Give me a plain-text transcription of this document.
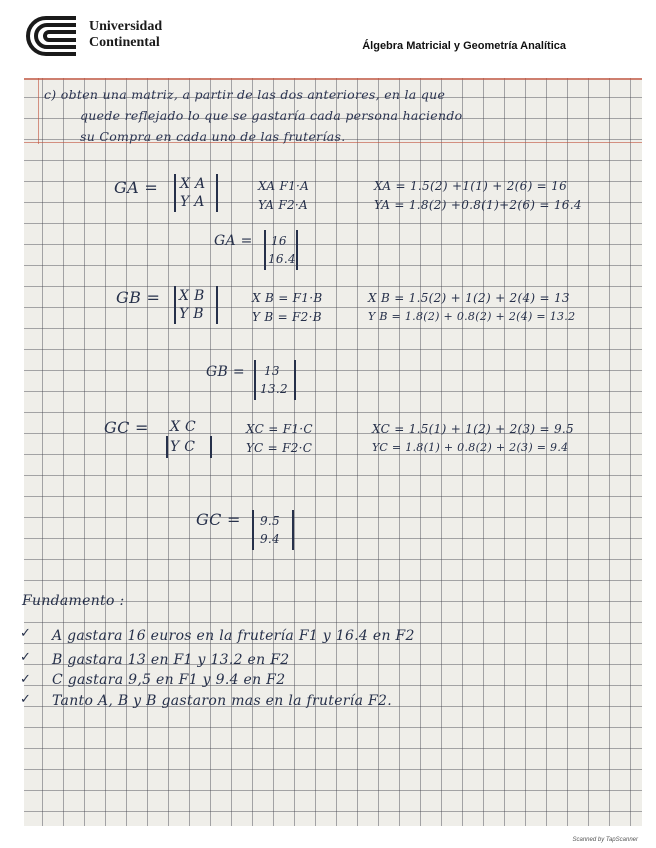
Universidad
Continental	Álgebra Matricial y Geometría Analítica
c) obten una matriz, a partir de las dos anteriores, en la que
quede reflejado lo que se gastaría cada persona haciendo
su Compra en cada uno de las fruterías.
GA = X A
Y A
XA F1·A
YA F2·A
XA = 1.5(2) +1(1) + 2(6) = 16
YA = 1.8(2) +0.8(1)+2(6) = 16.4
GA = 16
16.4
GB = X B
Y B
X B = F1·B
Y B = F2·B
X B = 1.5(2) + 1(2) + 2(4) = 13
Y B = 1.8(2) + 0.8(2) + 2(4) = 13.2
GB = 13
13.2
GC = X C
Y C
XC = F1·C
YC = F2·C
XC = 1.5(1) + 1(2) + 2(3) = 9.5
YC = 1.8(1) + 0.8(2) + 2(3) = 9.4
GC = 9.5
9.4
Fundamento :
✓
✓
✓
✓
A gastara 16 euros en la frutería F1 y 16.4 en F2
B gastara 13 en F1 y 13.2 en F2
C gastara 9,5 en F1 y 9.4 en F2
Tanto A, B y B gastaron mas en la frutería F2.
Scanned by TapScanner
